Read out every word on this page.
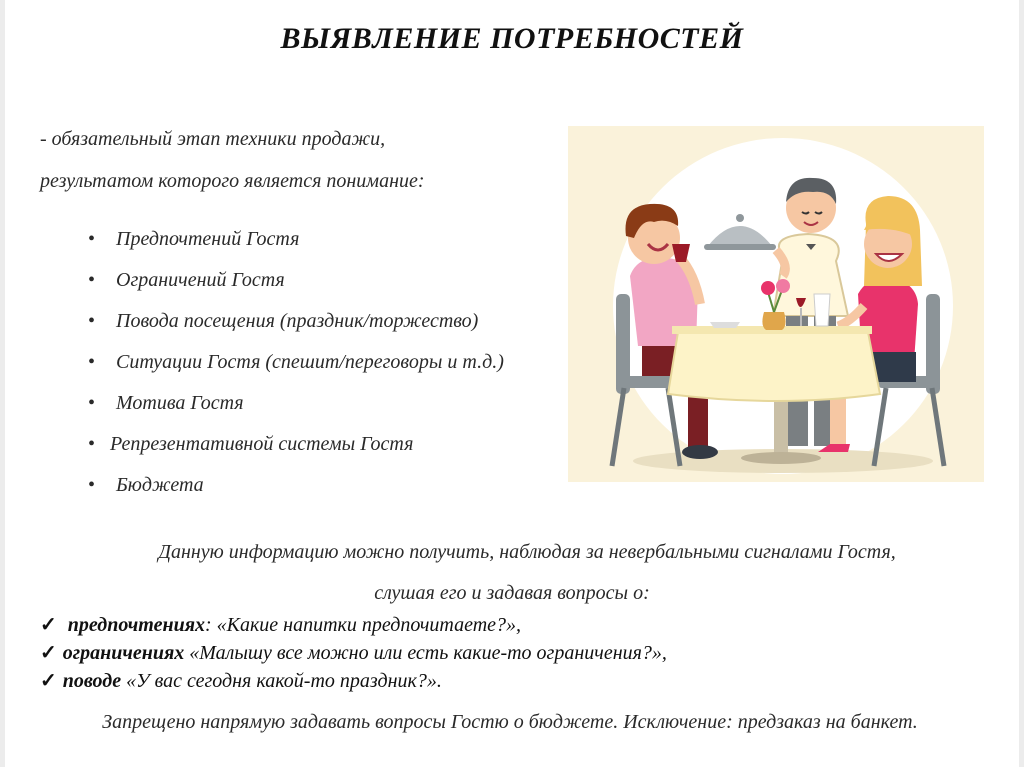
ВЫЯВЛЕНИЕ ПОТРЕБНОСТЕЙ
- обязательный этап техники продажи,
результатом которого является понимание:
• Предпочтений Гостя
• Ограничений Гостя
• Повода посещения (праздник/торжество)
• Ситуации Гостя (спешит/переговоры и т.д.)
• Мотива Гостя
• Репрезентативной системы Гостя
• Бюджета
Данную информацию можно получить, наблюдая за невербальными сигналами Гостя,
слушая его и задавая вопросы о:
✓ предпочтениях: «Какие напитки предпочитаете?»,
✓ ограничениях «Малышу все можно или есть какие-то ограничения?»,
✓ поводе «У вас сегодня какой-то праздник?».
Запрещено напрямую задавать вопросы Гостю о бюджете. Исключение: предзаказ на банкет.
